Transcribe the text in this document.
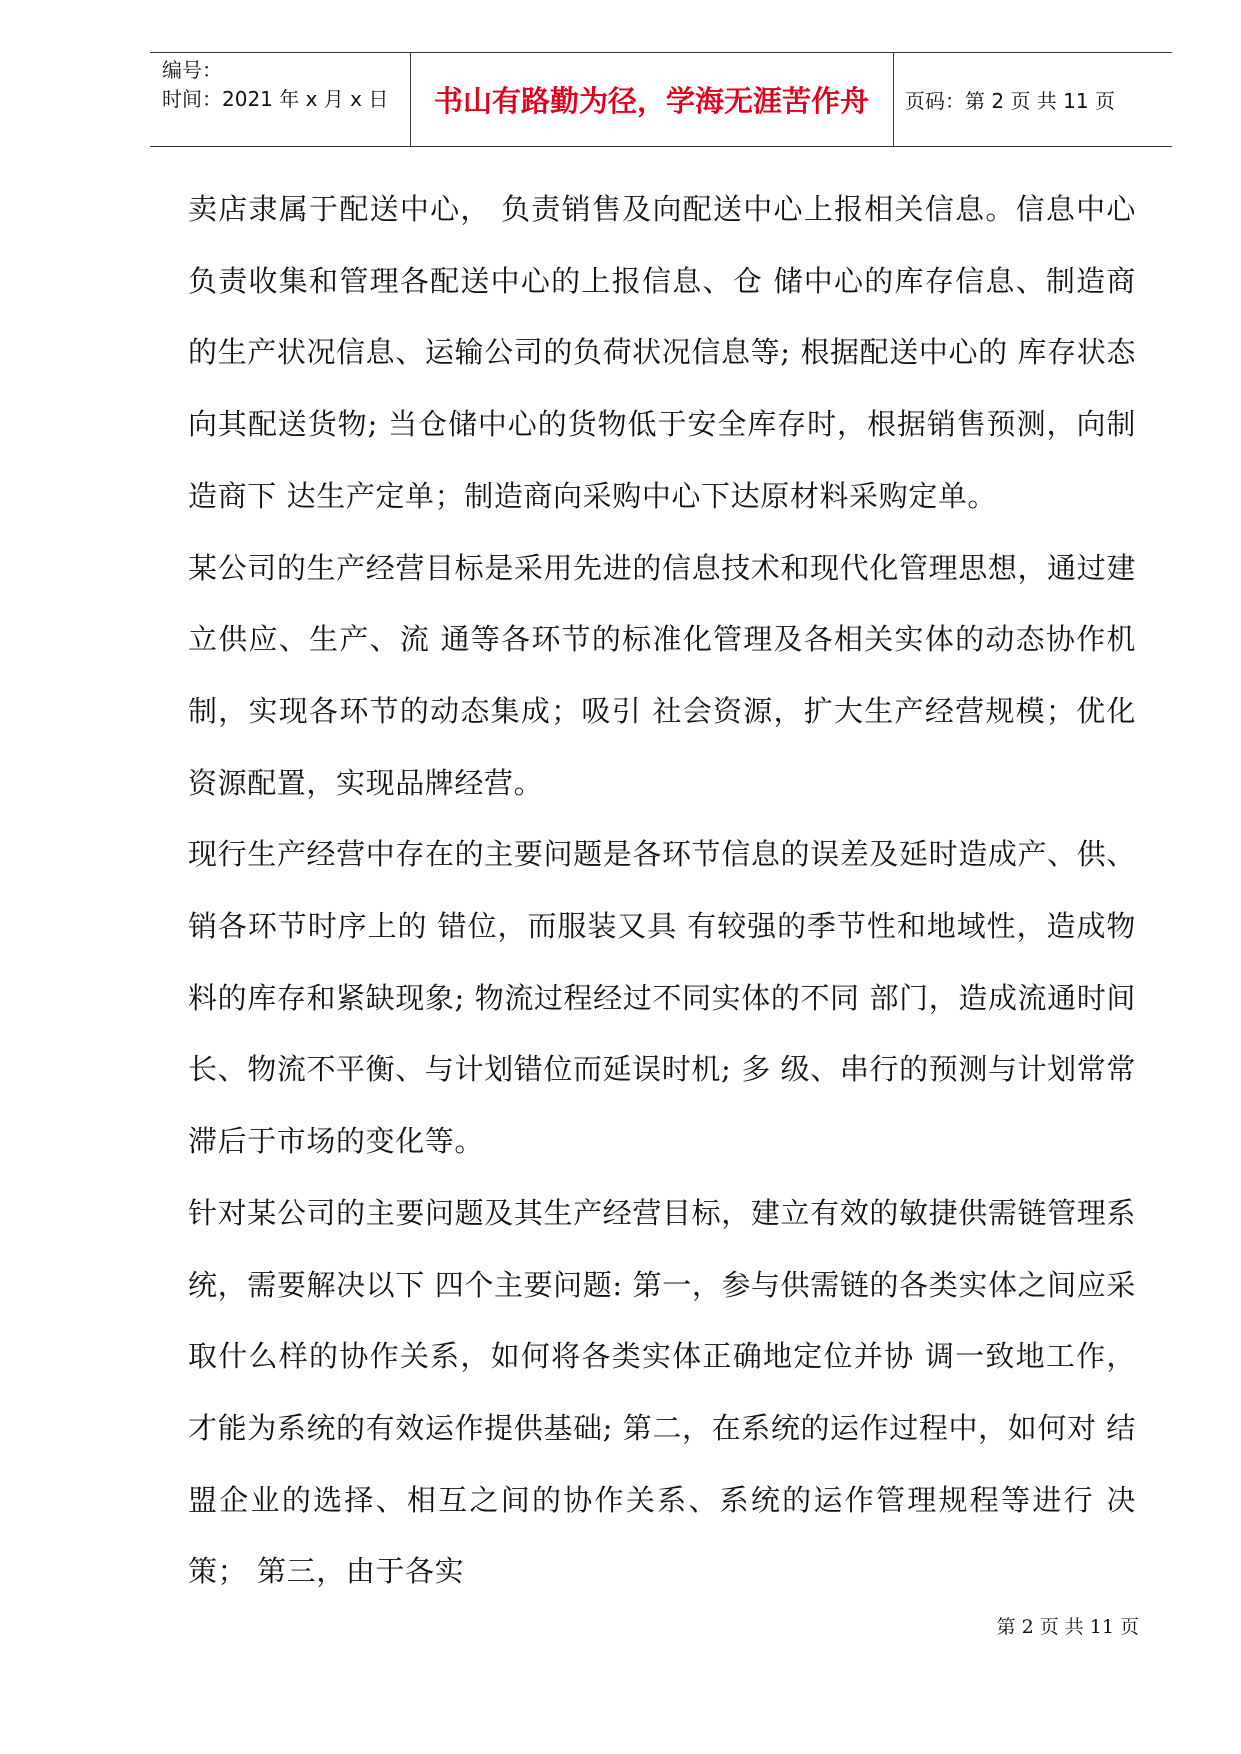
编号：
时间：2021 年 x 月 x 日	书山有路勤为径，学海无涯苦作舟	页码：第 2 页 共 11 页

卖店隶属于配送中心， 负责销售及向配送中心上报相关信息。信息中心负责收集和管理各配送中心的上报信息、仓 储中心的库存信息、制造商的生产状况信息、运输公司的负荷状况信息等; 根据配送中心的 库存状态向其配送货物; 当仓储中心的货物低于安全库存时，根据销售预测，向制造商下 达生产定单；制造商向采购中心下达原材料采购定单。

某公司的生产经营目标是采用先进的信息技术和现代化管理思想，通过建立供应、生产、流 通等各环节的标准化管理及各相关实体的动态协作机制，实现各环节的动态集成；吸引 社会资源，扩大生产经营规模；优化资源配置，实现品牌经营。

现行生产经营中存在的主要问题是各环节信息的误差及延时造成产、供、销各环节时序上的 错位，而服装又具 有较强的季节性和地域性，造成物料的库存和紧缺现象; 物流过程经过不同实体的不同 部门，造成流通时间长、物流不平衡、与计划错位而延误时机; 多 级、串行的预测与计划常常滞后于市场的变化等。

针对某公司的主要问题及其生产经营目标，建立有效的敏捷供需链管理系统，需要解决以下 四个主要问题: 第一，参与供需链的各类实体之间应采取什么样的协作关系，如何将各类实体正确地定位并协 调一致地工作，才能为系统的有效运作提供基础; 第二，在系统的运作过程中，如何对 结盟企业的选择、相互之间的协作关系、系统的运作管理规程等进行 决策； 第三，由于各实

第 2 页 共 11 页
